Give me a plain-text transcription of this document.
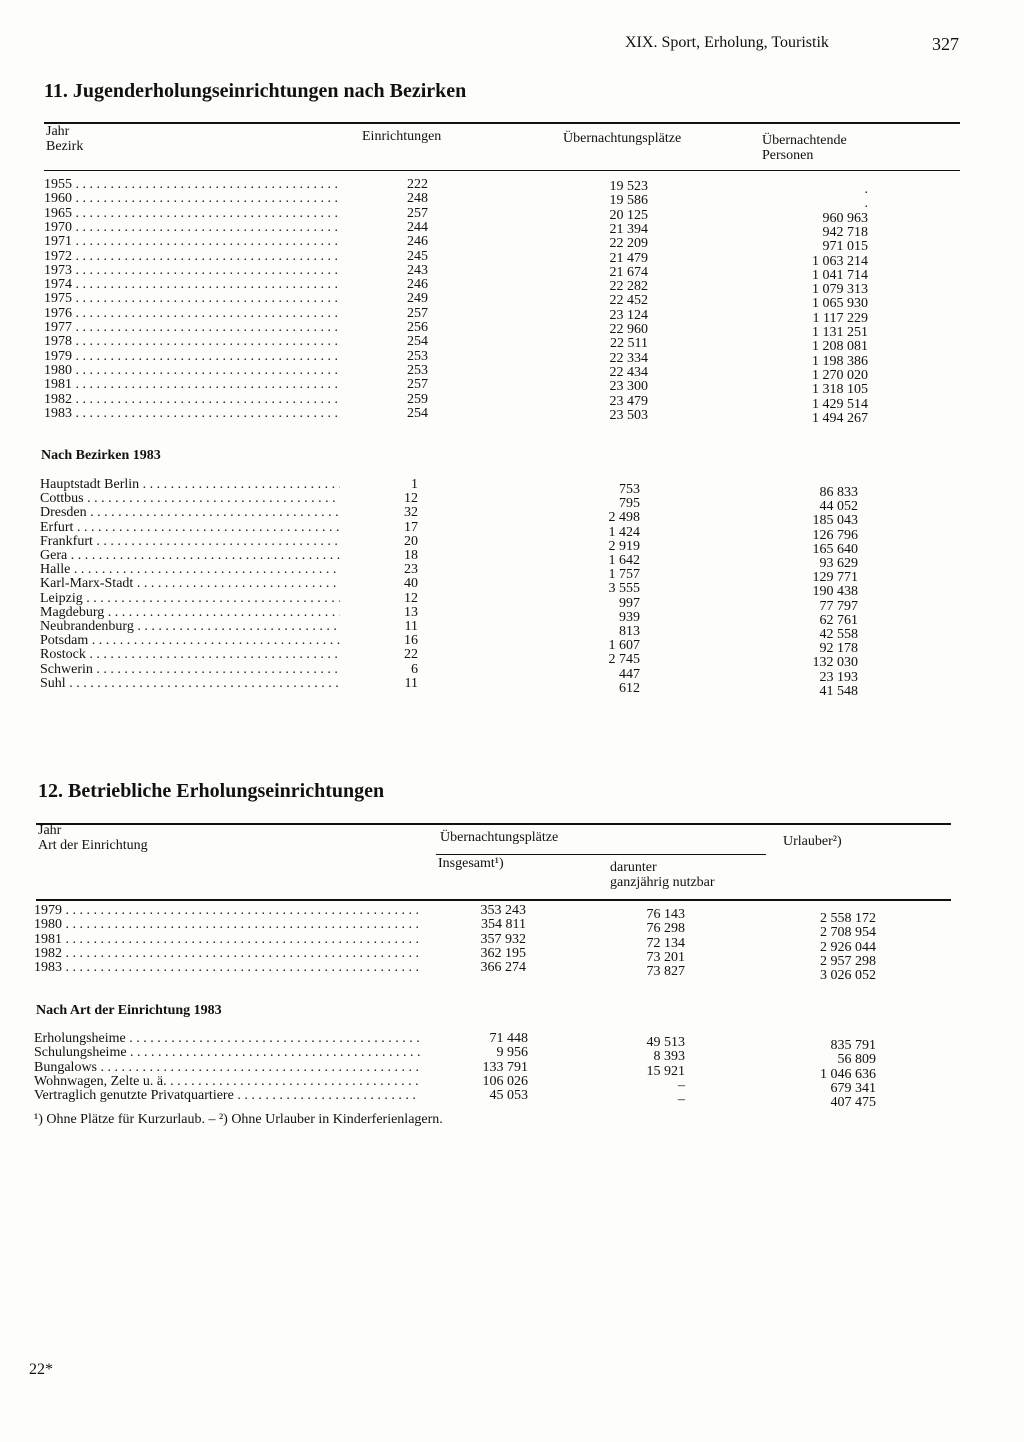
XIX. Sport, Erholung, Touristik	327
11. Jugenderholungseinrichtungen nach Bezirken
Jahr
Bezirk
Einrichtungen	Übernachtungsplätze	Übernachtende
Personen
1955 . . .	222	19 523	.
1960 . . .	248	19 586	.
1965 . . .	257	20 125	960 963
1970 . . .	244	21 394	942 718
1971 . . .	246	22 209	971 015
1972 . . .	245	21 479	1 063 214
1973 . . .	243	21 674	1 041 714
1974 . . .	246	22 282	1 079 313
1975 . . .	249	22 452	1 065 930
1976 . . .	257	23 124	1 117 229
1977 . . .	256	22 960	1 131 251
1978 . . .	254	22 511	1 208 081
1979 . . .	253	22 334	1 198 386
1980 . . .	253	22 434	1 270 020
1981 . . .	257	23 300	1 318 105
1982 . . .	259	23 479	1 429 514
1983 . . .	254	23 503	1 494 267
Nach Bezirken 1983
Hauptstadt Berlin . . .	1	753	86 833
Cottbus . . .	12	795	44 052
Dresden . . .	32	2 498	185 043
Erfurt . . .	17	1 424	126 796
Frankfurt . . .	20	2 919	165 640
Gera . . .	18	1 642	93 629
Halle . . .	23	1 757	129 771
Karl-Marx-Stadt . . .	40	3 555	190 438
Leipzig . . .	12	997	77 797
Magdeburg . . .	13	939	62 761
Neubrandenburg . . .	11	813	42 558
Potsdam . . .	16	1 607	92 178
Rostock . . .	22	2 745	132 030
Schwerin . . .	6	447	23 193
Suhl . . .	11	612	41 548
12. Betriebliche Erholungseinrichtungen
Jahr
Art der Einrichtung
Übernachtungsplätze
Insgesamt¹)	darunter
ganzjährig nutzbar
Urlauber²)
1979 . . .	353 243	76 143	2 558 172
1980 . . .	354 811	76 298	2 708 954
1981 . . .	357 932	72 134	2 926 044
1982 . . .	362 195	73 201	2 957 298
1983 . . .	366 274	73 827	3 026 052
Nach Art der Einrichtung 1983
Erholungsheime . . .	71 448	49 513	835 791
Schulungsheime . . .	9 956	8 393	56 809
Bungalows . . .	133 791	15 921	1 046 636
Wohnwagen, Zelte u. ä. . . .	106 026	–	679 341
Vertraglich genutzte Privatquartiere . . .	45 053	–	407 475
¹) Ohne Plätze für Kurzurlaub. – ²) Ohne Urlauber in Kinderferienlagern.
22*
